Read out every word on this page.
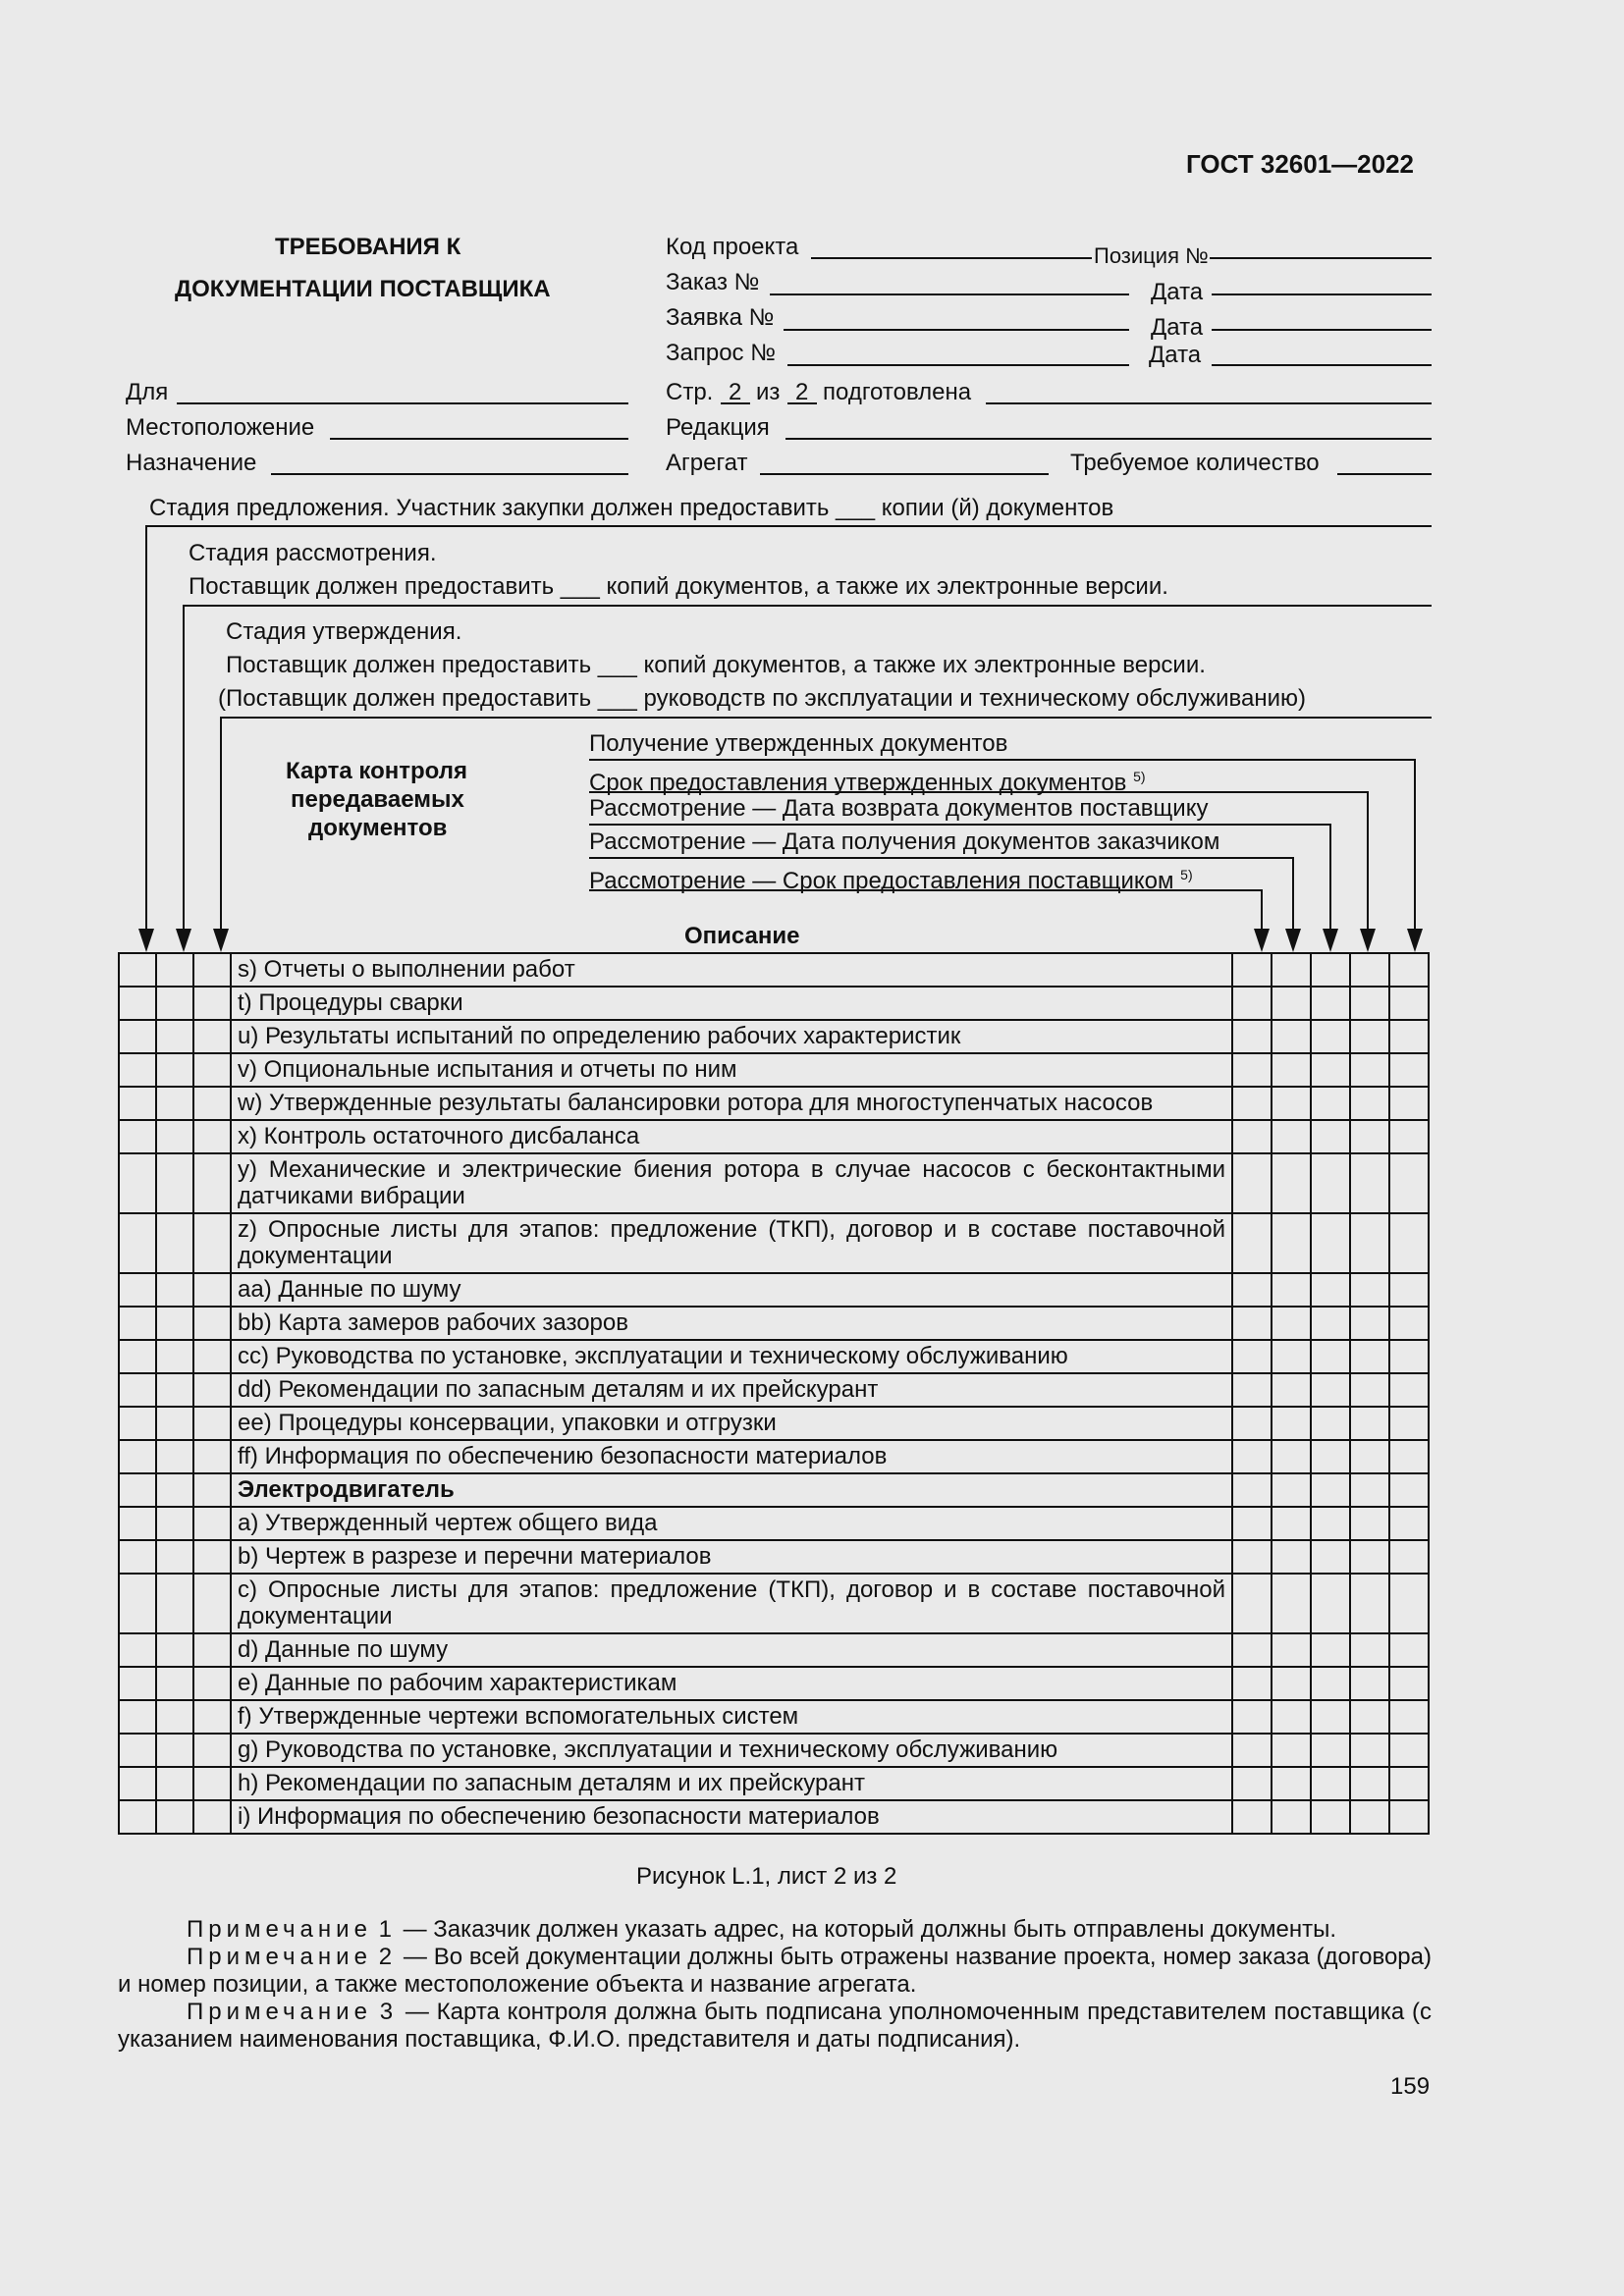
ГОСТ 32601—2022
ТРЕБОВАНИЯ К
ДОКУМЕНТАЦИИ ПОСТАВЩИКА
Код проекта	Позиция №
Заказ №	Дата
Заявка №	Дата
Запрос №	Дата
Для
Местоположение
Назначение
Стр. 2 из 2 подготовлена
Редакция
Агрегат	Требуемое количество
Стадия предложения. Участник закупки должен предоставить ___ копии (й) документов
Стадия рассмотрения.
Поставщик должен предоставить ___ копий документов, а также их электронные версии.
Стадия утверждения.
Поставщик должен предоставить ___ копий документов, а также их электронные версии.
(Поставщик должен предоставить ___ руководств по эксплуатации и техническому обслуживанию)
Карта контроля
передаваемых
документов
Получение утвержденных документов
Срок предоставления утвержденных документов $^{5)}$
Рассмотрение — Дата возврата документов поставщику
Рассмотрение — Дата получения документов заказчиком
Рассмотрение — Срок предоставления поставщиком $^{5)}$
Описание
			s) Отчеты о выполнении работ					
			t) Процедуры сварки					
			u) Результаты испытаний по определению рабочих характеристик					
			v) Опциональные испытания и отчеты по ним					
			w) Утвержденные результаты балансировки ротора для многоступенчатых насосов					
			x) Контроль остаточного дисбаланса					
			y) Механические и электрические биения ротора в случае насосов с бесконтактными датчиками вибрации					
			z) Опросные листы для этапов: предложение (ТКП), договор и в составе поставочной документации					
			aa) Данные по шуму					
			bb) Карта замеров рабочих зазоров					
			cc) Руководства по установке, эксплуатации и техническому обслуживанию					
			dd) Рекомендации по запасным деталям и их прейскурант					
			ee) Процедуры консервации, упаковки и отгрузки					
			ff) Информация по обеспечению безопасности материалов					
			Электродвигатель					
			a) Утвержденный чертеж общего вида					
			b) Чертеж в разрезе и перечни материалов					
			c) Опросные листы для этапов: предложение (ТКП), договор и в составе поставочной документации					
			d) Данные по шуму					
			e) Данные по рабочим характеристикам					
			f) Утвержденные чертежи вспомогательных систем					
			g) Руководства по установке, эксплуатации и техническому обслуживанию					
			h) Рекомендации по запасным деталям и их прейскурант					
			i) Информация по обеспечению безопасности материалов					
Рисунок L.1, лист 2 из 2
Примечание 1 — Заказчик должен указать адрес, на который должны быть отправлены документы.
Примечание 2 — Во всей документации должны быть отражены название проекта, номер заказа (договора) и номер позиции, а также местоположение объекта и название агрегата.
Примечание 3 — Карта контроля должна быть подписана уполномоченным представителем поставщика (с указанием наименования поставщика, Ф.И.О. представителя и даты подписания).
159
